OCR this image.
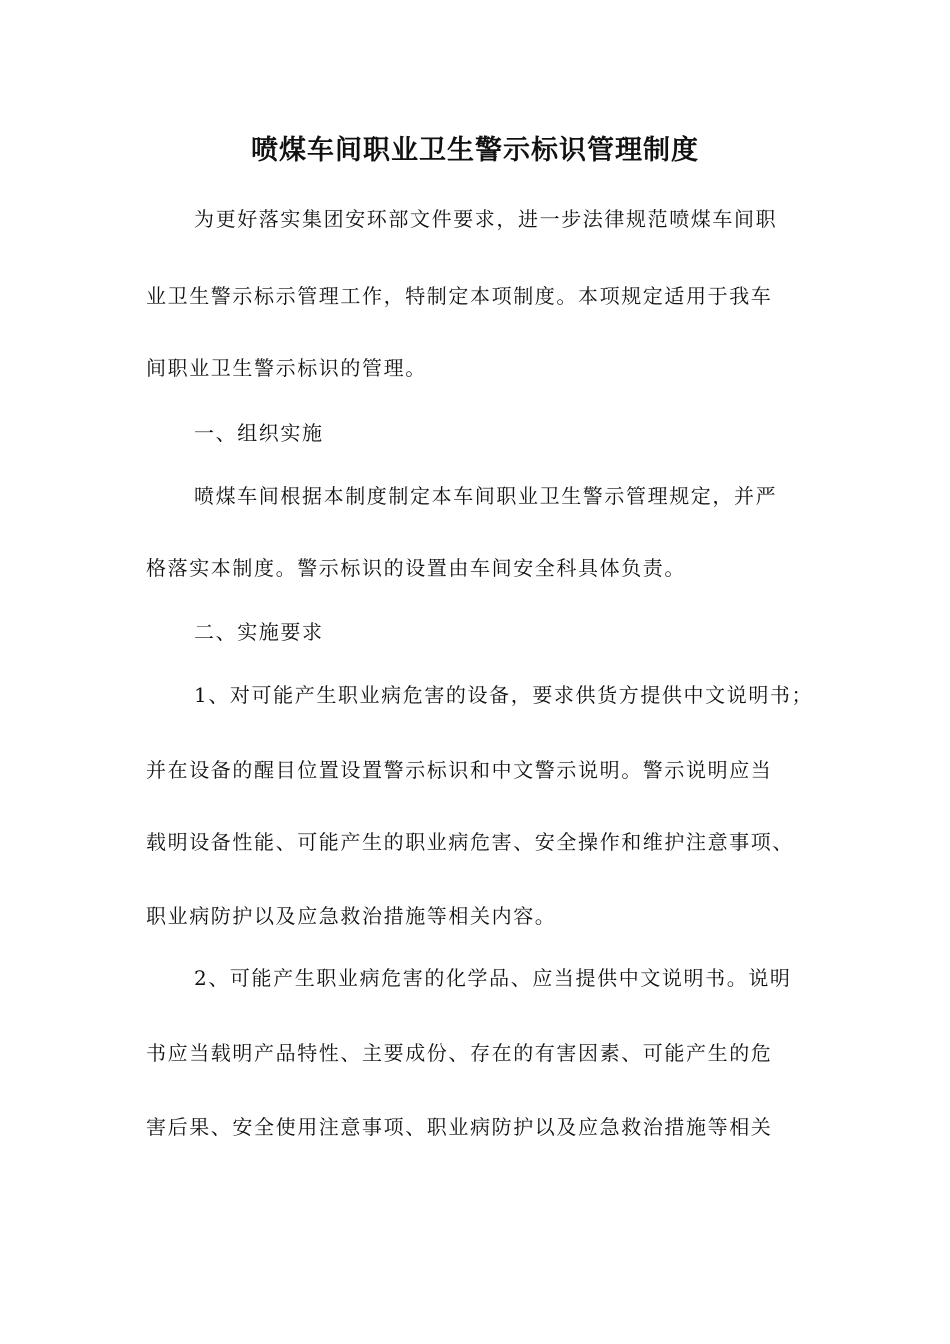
喷煤车间职业卫生警示标识管理制度
为更好落实集团安环部文件要求，进一步法律规范喷煤车间职
业卫生警示标示管理工作，特制定本项制度。本项规定适用于我车
间职业卫生警示标识的管理。
一、组织实施
喷煤车间根据本制度制定本车间职业卫生警示管理规定，并严
格落实本制度。警示标识的设置由车间安全科具体负责。
二、实施要求
1、对可能产生职业病危害的设备，要求供货方提供中文说明书；
并在设备的醒目位置设置警示标识和中文警示说明。警示说明应当
载明设备性能、可能产生的职业病危害、安全操作和维护注意事项、
职业病防护以及应急救治措施等相关内容。
2、可能产生职业病危害的化学品、应当提供中文说明书。说明
书应当载明产品特性、主要成份、存在的有害因素、可能产生的危
害后果、安全使用注意事项、职业病防护以及应急救治措施等相关
